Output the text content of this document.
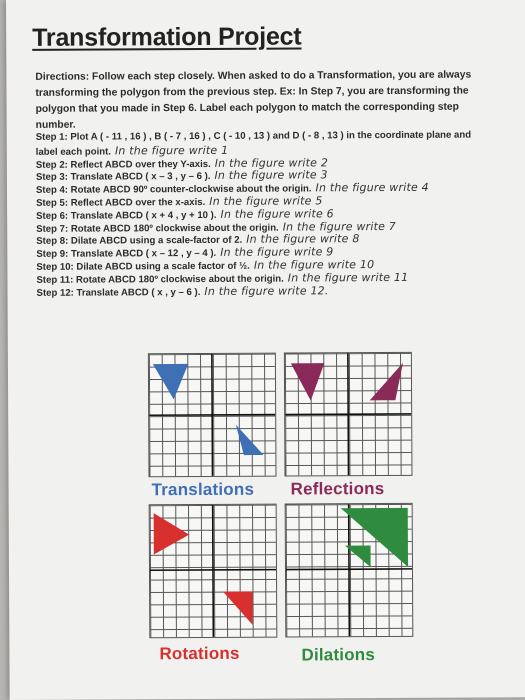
Transformation Project
Directions: Follow each step closely. When asked to do a Transformation, you are always transforming the polygon from the previous step. Ex: In Step 7, you are transforming the polygon that you made in Step 6. Label each polygon to match the corresponding step number.
Step 1: Plot A ( - 11 , 16 ) , B ( - 7 , 16 ) , C ( - 10 , 13 ) and D ( - 8 , 13 ) in the coordinate plane and
label each point. In the figure write 1
Step 2: Reflect ABCD over they Y-axis. In the figure write 2
Step 3: Translate ABCD ( x – 3 , y – 6 ). In the figure write 3
Step 4: Rotate ABCD 90º counter-clockwise about the origin. In the figure write 4
Step 5: Reflect ABCD over the x-axis. In the figure write 5
Step 6: Translate ABCD ( x + 4 , y + 10 ). In the figure write 6
Step 7: Rotate ABCD 180º clockwise about the origin. In the figure write 7
Step 8: Dilate ABCD using a scale-factor of 2. In the figure write 8
Step 9: Translate ABCD ( x – 12 , y – 4 ). In the figure write 9
Step 10: Dilate ABCD using a scale factor of ½. In the figure write 10
Step 11: Rotate ABCD 180º clockwise about the origin. In the figure write 11
Step 12: Translate ABCD ( x , y – 6 ). In the figure write 12.
Translations Reflections
Rotations	Dilations
